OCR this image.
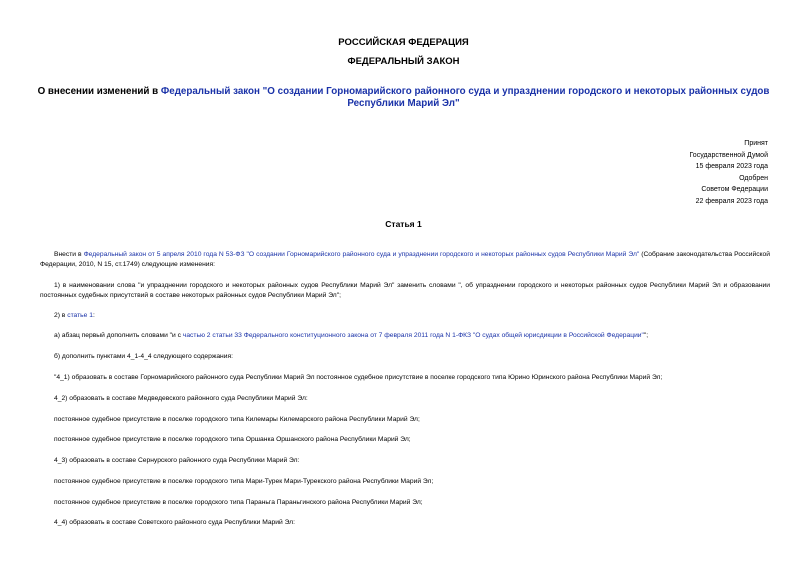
РОССИЙСКАЯ ФЕДЕРАЦИЯ
ФЕДЕРАЛЬНЫЙ ЗАКОН
О внесении изменений в Федеральный закон "О создании Горномарийского районного суда и упразднении городского и некоторых районных судов Республики Марий Эл"
Принят
Государственной Думой
15 февраля 2023 года
Одобрен
Советом Федерации
22 февраля 2023 года
Статья 1
Внести в Федеральный закон от 5 апреля 2010 года N 53-ФЗ "О создании Горномарийского районного суда и упразднении городского и некоторых районных судов Республики Марий Эл" (Собрание законодательства Российской Федерации, 2010, N 15, ст.1749) следующие изменения:
1) в наименовании слова "и упразднении городского и некоторых районных судов Республики Марий Эл" заменить словами ", об упразднении городского и некоторых районных судов Республики Марий Эл и образовании постоянных судебных присутствий в составе некоторых районных судов Республики Марий Эл";
2) в статье 1:
а) абзац первый дополнить словами "и с частью 2 статьи 33 Федерального конституционного закона от 7 февраля 2011 года N 1-ФКЗ "О судах общей юрисдикции в Российской Федерации"";
б) дополнить пунктами 4_1-4_4 следующего содержания:
"4_1) образовать в составе Горномарийского районного суда Республики Марий Эл постоянное судебное присутствие в поселке городского типа Юрино Юринского района Республики Марий Эл;
4_2) образовать в составе Медведевского районного суда Республики Марий Эл:
постоянное судебное присутствие в поселке городского типа Килемары Килемарского района Республики Марий Эл;
постоянное судебное присутствие в поселке городского типа Оршанка Оршанского района Республики Марий Эл;
4_3) образовать в составе Сернурского районного суда Республики Марий Эл:
постоянное судебное присутствие в поселке городского типа Мари-Турек Мари-Турекского района Республики Марий Эл;
постоянное судебное присутствие в поселке городского типа Параньга Параньгинского района Республики Марий Эл;
4_4) образовать в составе Советского районного суда Республики Марий Эл:
